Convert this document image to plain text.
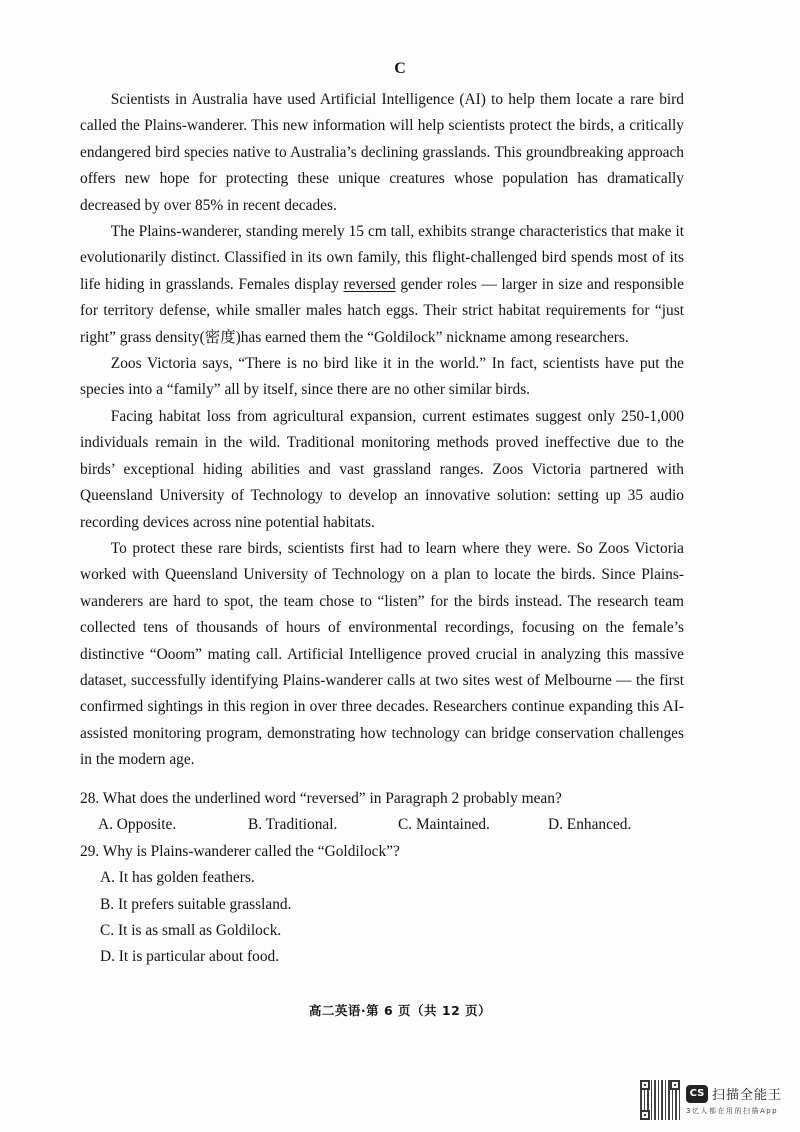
C

Scientists in Australia have used Artificial Intelligence (AI) to help them locate a rare bird called the Plains-wanderer. This new information will help scientists protect the birds, a critically endangered bird species native to Australia’s declining grasslands. This groundbreaking approach offers new hope for protecting these unique creatures whose population has dramatically decreased by over 85% in recent decades.

The Plains-wanderer, standing merely 15 cm tall, exhibits strange characteristics that make it evolutionarily distinct. Classified in its own family, this flight-challenged bird spends most of its life hiding in grasslands. Females display reversed gender roles — larger in size and responsible for territory defense, while smaller males hatch eggs. Their strict habitat requirements for “just right” grass density(密度)has earned them the “Goldilock” nickname among researchers.

Zoos Victoria says, “There is no bird like it in the world.” In fact, scientists have put the species into a “family” all by itself, since there are no other similar birds.

Facing habitat loss from agricultural expansion, current estimates suggest only 250-1,000 individuals remain in the wild. Traditional monitoring methods proved ineffective due to the birds’ exceptional hiding abilities and vast grassland ranges. Zoos Victoria partnered with Queensland University of Technology to develop an innovative solution: setting up 35 audio recording devices across nine potential habitats.

To protect these rare birds, scientists first had to learn where they were. So Zoos Victoria worked with Queensland University of Technology on a plan to locate the birds. Since Plains-wanderers are hard to spot, the team chose to “listen” for the birds instead. The research team collected tens of thousands of hours of environmental recordings, focusing on the female’s distinctive “Ooom” mating call. Artificial Intelligence proved crucial in analyzing this massive dataset, successfully identifying Plains-wanderer calls at two sites west of Melbourne — the first confirmed sightings in this region in over three decades. Researchers continue expanding this AI-assisted monitoring program, demonstrating how technology can bridge conservation challenges in the modern age.

28. What does the underlined word “reversed” in Paragraph 2 probably mean?

A. Opposite.	B. Traditional.	C. Maintained.	D. Enhanced.

29. Why is Plains-wanderer called the “Goldilock”?

A. It has golden feathers.
B. It prefers suitable grassland.
C. It is as small as Goldilock.
D. It is particular about food.
高二英语·第 6 页（共 12 页）
CS 扫描全能王
3亿人都在用的扫描App
